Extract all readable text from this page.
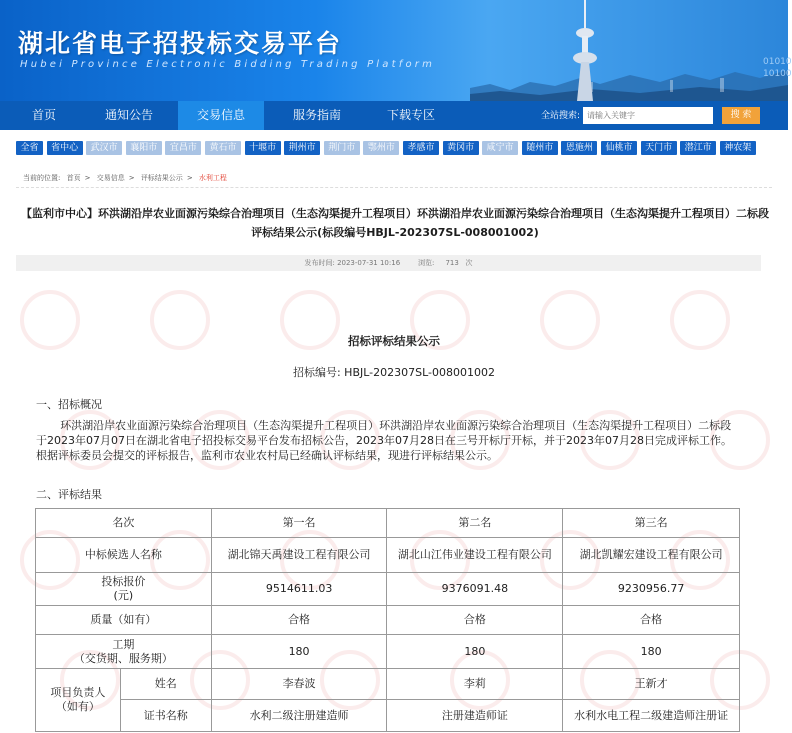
湖北省电子招投标交易平台
Hubei Province Electronic Bidding Trading Platform	01010
10100
首页	通知公告	交易信息	服务指南	下载专区	全站搜索:
请输入关键字	搜 索
全省	省中心	武汉市	襄阳市	宜昌市	黄石市	十堰市	荆州市	荆门市	鄂州市	孝感市	黄冈市	咸宁市	随州市	恩施州	仙桃市	天门市	潜江市	神农架
当前的位置: 首页 > 交易信息 > 评标结果公示 > 水利工程
【监利市中心】环洪湖沿岸农业面源污染综合治理项目（生态沟渠提升工程项目）环洪湖沿岸农业面源污染综合治理项目（生态沟渠提升工程项目）二标段评标结果公示(标段编号HBJL-202307SL-008001002)
发布时间: 2023-07-31 10:16	浏览: 713 次
招标评标结果公示
招标编号: HBJL-202307SL-008001002
一、招标概况
环洪湖沿岸农业面源污染综合治理项目（生态沟渠提升工程项目）环洪湖沿岸农业面源污染综合治理项目（生态沟渠提升工程项目）二标段于2023年07月07日在湖北省电子招投标交易平台发布招标公告，2023年07月28日在三号开标厅开标，并于2023年07月28日完成评标工作。根据评标委员会提交的评标报告，监利市农业农村局已经确认评标结果，现进行评标结果公示。
二、评标结果
名次		第一名	第二名	第三名
中标候选人名称		湖北锦天禹建设工程有限公司	湖北山江伟业建设工程有限公司	湖北凯耀宏建设工程有限公司
投标报价
(元)		9514611.03	9376091.48	9230956.77
质量（如有）		合格	合格	合格
工期
（交货期、服务期）		180	180	180
项目负责人
（如有）	姓名	李春波	李莉	王新才
	证书名称	水利二级注册建造师	注册建造师证	水利水电工程二级建造师注册证
